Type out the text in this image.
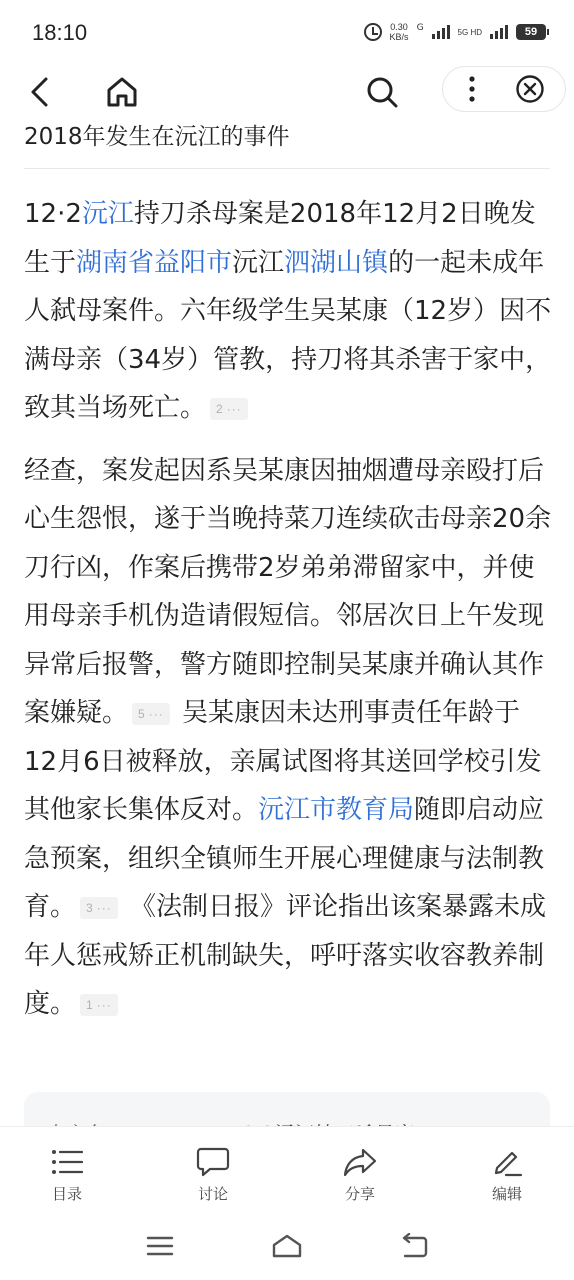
18:10	0.30
KB/s
G	5G HD	59
2018年发生在沅江的事件

12·2沅江持刀杀母案是2018年12月2日晚发生于湖南省益阳市沅江泗湖山镇的一起未成年人弑母案件。六年级学生吴某康（12岁）因不满母亲（34岁）管教，持刀将其杀害于家中，致其当场死亡。 2 ···

经查，案发起因系吴某康因抽烟遭母亲殴打后心生怨恨，遂于当晚持菜刀连续砍击母亲20余刀行凶，作案后携带2岁弟弟滞留家中，并使用母亲手机伪造请假短信。邻居次日上午发现异常后报警，警方随即控制吴某康并确认其作案嫌疑。 5 ··· 吴某康因未达刑事责任年龄于12月6日被释放，亲属试图将其送回学校引发其他家长集体反对。沅江市教育局随即启动应急预案，组织全镇师生开展心理健康与法制教育。 3 ··· 《法制日报》评论指出该案暴露未成年人惩戒矫正机制缺失，呼吁落实收容教养制度。 1 ···

目录	讨论	分享	编辑
